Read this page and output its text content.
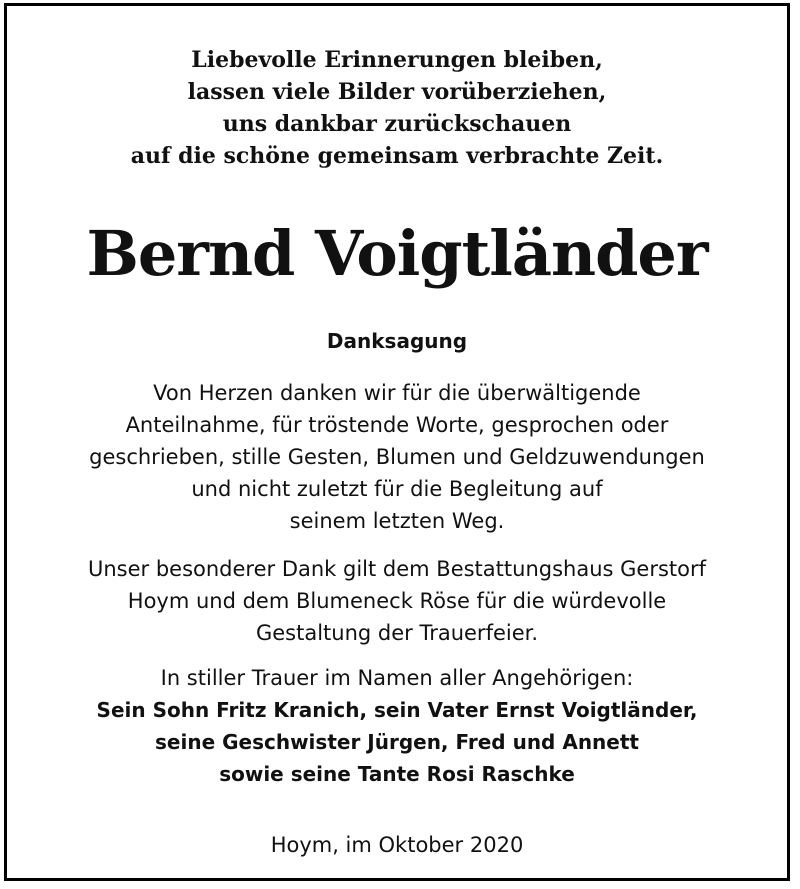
Liebevolle Erinnerungen bleiben,
lassen viele Bilder vorüberziehen,
uns dankbar zurückschauen
auf die schöne gemeinsam verbrachte Zeit.
Bernd Voigtländer
Danksagung
Von Herzen danken wir für die überwältigende
Anteilnahme, für tröstende Worte, gesprochen oder
geschrieben, stille Gesten, Blumen und Geldzuwendungen
und nicht zuletzt für die Begleitung auf
seinem letzten Weg.
Unser besonderer Dank gilt dem Bestattungshaus Gerstorf
Hoym und dem Blumeneck Röse für die würdevolle
Gestaltung der Trauerfeier.
In stiller Trauer im Namen aller Angehörigen:
Sein Sohn Fritz Kranich, sein Vater Ernst Voigtländer,
seine Geschwister Jürgen, Fred und Annett
sowie seine Tante Rosi Raschke
Hoym, im Oktober 2020
